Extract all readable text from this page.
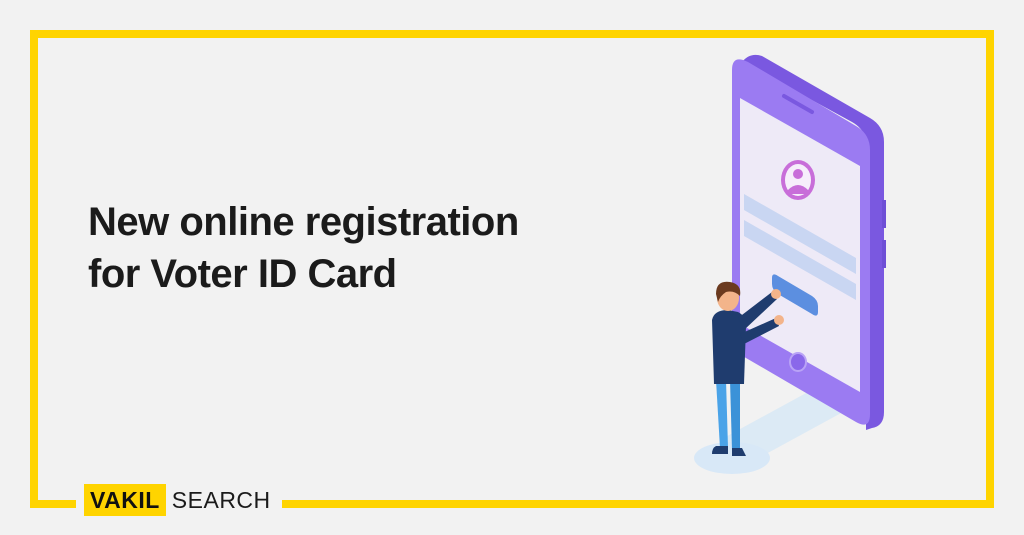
New online registration
for Voter ID Card
VAKIL SEARCH
